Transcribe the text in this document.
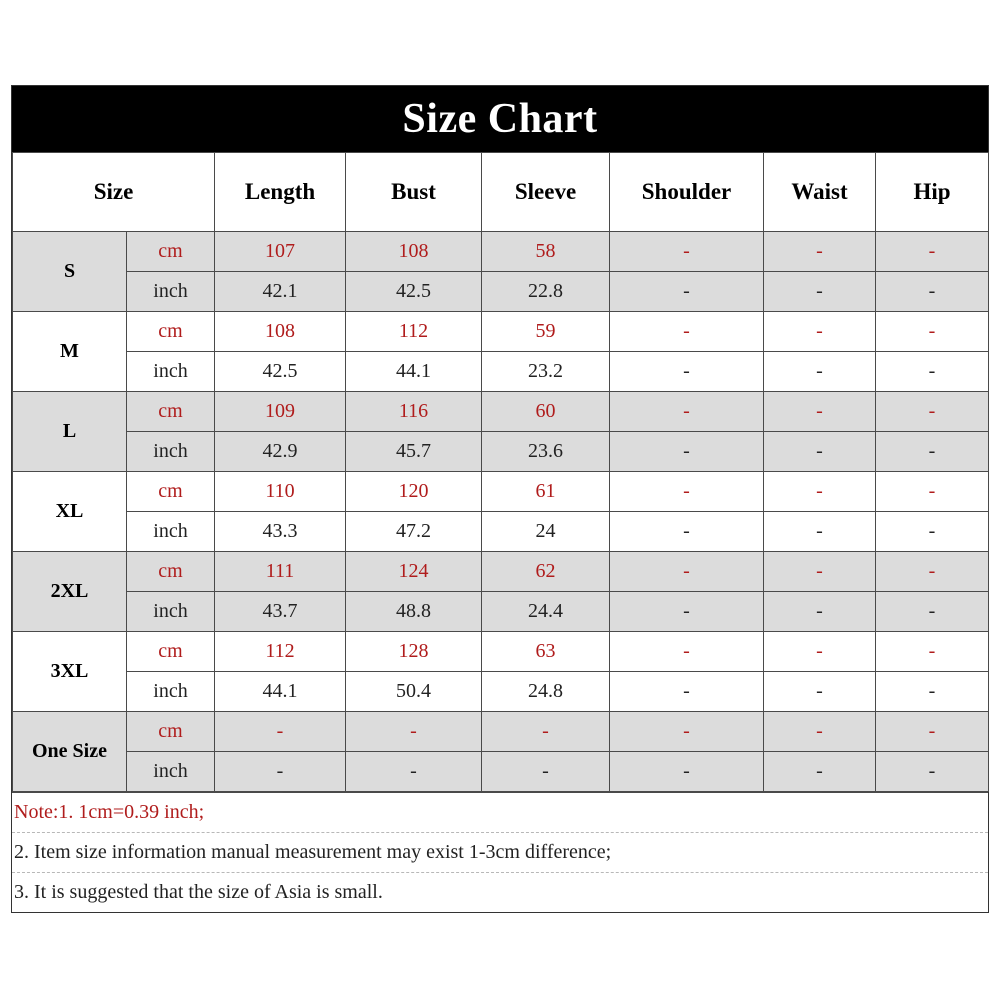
Size Chart
Size		Length	Bust	Sleeve	Shoulder	Waist	Hip
S	cm	107	108	58	-	-	-
	inch	42.1	42.5	22.8	-	-	-
M	cm	108	112	59	-	-	-
	inch	42.5	44.1	23.2	-	-	-
L	cm	109	116	60	-	-	-
	inch	42.9	45.7	23.6	-	-	-
XL	cm	110	120	61	-	-	-
	inch	43.3	47.2	24	-	-	-
2XL	cm	111	124	62	-	-	-
	inch	43.7	48.8	24.4	-	-	-
3XL	cm	112	128	63	-	-	-
	inch	44.1	50.4	24.8	-	-	-
One Size	cm	-	-	-	-	-	-
	inch	-	-	-	-	-	-
Note:1. 1cm=0.39 inch;
2. Item size information manual measurement may exist 1-3cm difference;
3. It is suggested that the size of Asia is small.
